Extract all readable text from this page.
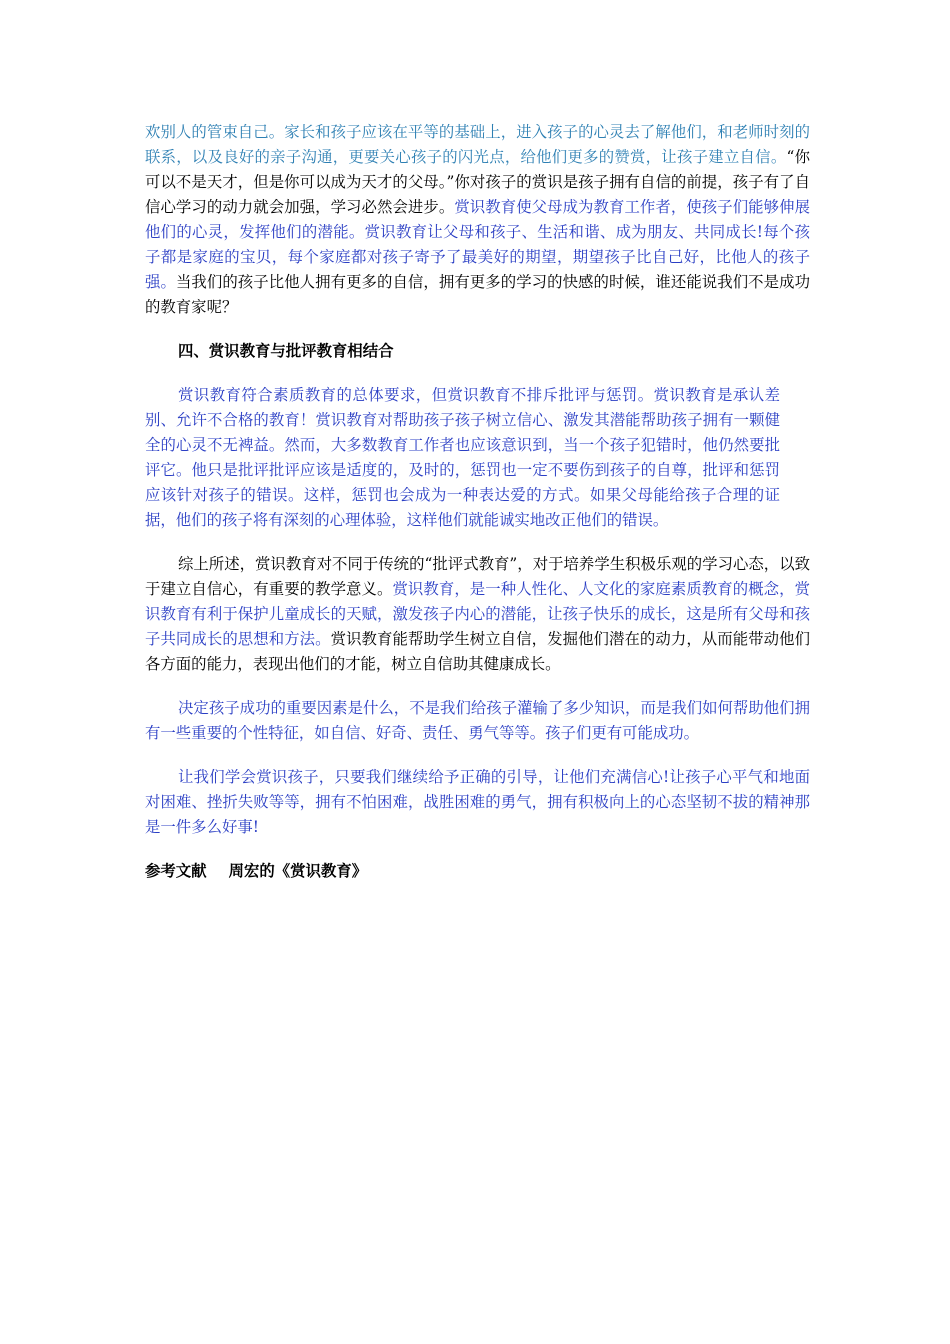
欢别人的管束自己。家长和孩子应该在平等的基础上，进入孩子的心灵去了解他们，和老师时刻的联系，以及良好的亲子沟通，更要关心孩子的闪光点，给他们更多的赞赏，让孩子建立自信。“你可以不是天才，但是你可以成为天才的父母。”你对孩子的赏识是孩子拥有自信的前提，孩子有了自信心学习的动力就会加强，学习必然会进步。赏识教育使父母成为教育工作者，使孩子们能够伸展他们的心灵，发挥他们的潜能。赏识教育让父母和孩子、生活和谐、成为朋友、共同成长!每个孩子都是家庭的宝贝，每个家庭都对孩子寄予了最美好的期望，期望孩子比自己好，比他人的孩子强。当我们的孩子比他人拥有更多的自信，拥有更多的学习的快感的时候，谁还能说我们不是成功的教育家呢？

四、赏识教育与批评教育相结合

赏识教育符合素质教育的总体要求，但赏识教育不排斥批评与惩罚。赏识教育是承认差别、允许不合格的教育！赏识教育对帮助孩子孩子树立信心、激发其潜能帮助孩子拥有一颗健全的心灵不无裨益。然而，大多数教育工作者也应该意识到，当一个孩子犯错时，他仍然要批评它。他只是批评批评应该是适度的，及时的，惩罚也一定不要伤到孩子的自尊，批评和惩罚应该针对孩子的错误。这样，惩罚也会成为一种表达爱的方式。如果父母能给孩子合理的证据，他们的孩子将有深刻的心理体验，这样他们就能诚实地改正他们的错误。

综上所述，赏识教育对不同于传统的“批评式教育”，对于培养学生积极乐观的学习心态，以致于建立自信心，有重要的教学意义。赏识教育，是一种人性化、人文化的家庭素质教育的概念，赏识教育有利于保护儿童成长的天赋，激发孩子内心的潜能，让孩子快乐的成长，这是所有父母和孩子共同成长的思想和方法。赏识教育能帮助学生树立自信，发掘他们潜在的动力，从而能带动他们各方面的能力，表现出他们的才能，树立自信助其健康成长。

决定孩子成功的重要因素是什么，不是我们给孩子灌输了多少知识，而是我们如何帮助他们拥有一些重要的个性特征，如自信、好奇、责任、勇气等等。孩子们更有可能成功。

让我们学会赏识孩子，只要我们继续给予正确的引导，让他们充满信心!让孩子心平气和地面对困难、挫折失败等等，拥有不怕困难，战胜困难的勇气，拥有积极向上的心态坚韧不拔的精神那是一件多么好事!

参考文献 周宏的《赏识教育》
